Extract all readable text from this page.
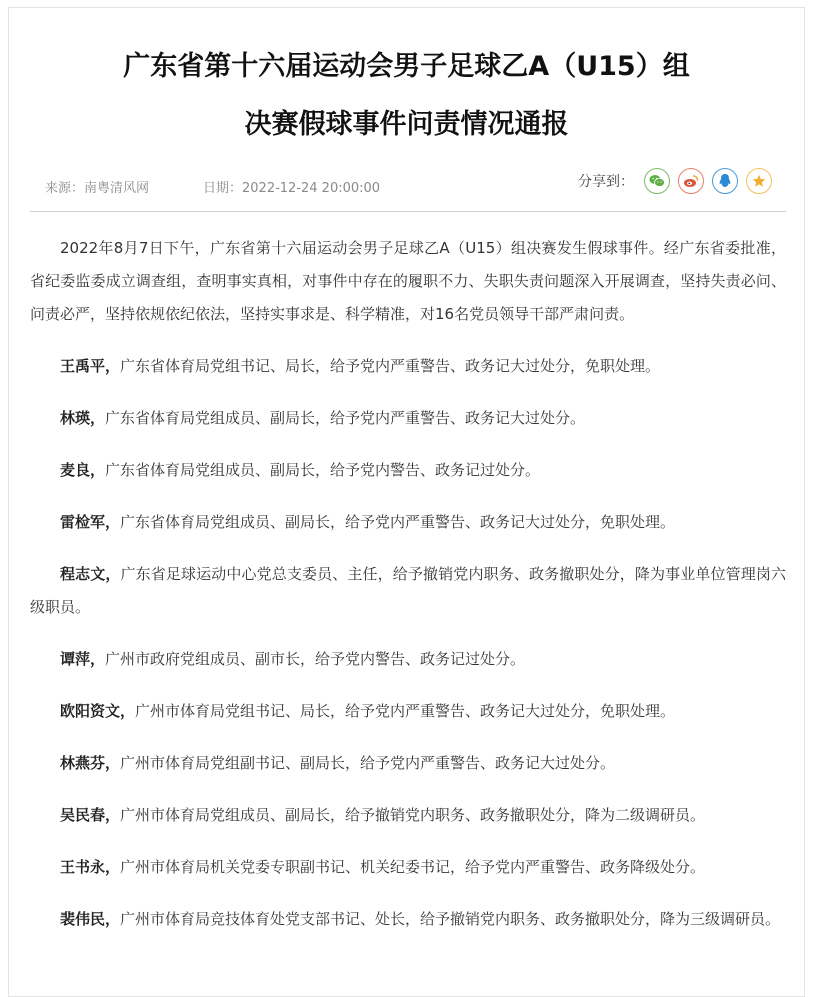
广东省第十六届运动会男子足球乙A（U15）组
决赛假球事件问责情况通报
来源：南粤清风网	日期：2022-12-24 20:00:00	分享到：

2022年8月7日下午，广东省第十六届运动会男子足球乙A（U15）组决赛发生假球事件。经广东省委批准，省纪委监委成立调查组，查明事实真相，对事件中存在的履职不力、失职失责问题深入开展调查，坚持失责必问、问责必严，坚持依规依纪依法，坚持实事求是、科学精准，对16名党员领导干部严肃问责。

王禹平，广东省体育局党组书记、局长，给予党内严重警告、政务记大过处分，免职处理。

林瑛，广东省体育局党组成员、副局长，给予党内严重警告、政务记大过处分。

麦良，广东省体育局党组成员、副局长，给予党内警告、政务记过处分。

雷检军，广东省体育局党组成员、副局长，给予党内严重警告、政务记大过处分，免职处理。

程志文，广东省足球运动中心党总支委员、主任，给予撤销党内职务、政务撤职处分，降为事业单位管理岗六级职员。

谭萍，广州市政府党组成员、副市长，给予党内警告、政务记过处分。

欧阳资文，广州市体育局党组书记、局长，给予党内严重警告、政务记大过处分，免职处理。

林燕芬，广州市体育局党组副书记、副局长，给予党内严重警告、政务记大过处分。

吴民春，广州市体育局党组成员、副局长，给予撤销党内职务、政务撤职处分，降为二级调研员。

王书永，广州市体育局机关党委专职副书记、机关纪委书记，给予党内严重警告、政务降级处分。

裴伟民，广州市体育局竞技体育处党支部书记、处长，给予撤销党内职务、政务撤职处分，降为三级调研员。
